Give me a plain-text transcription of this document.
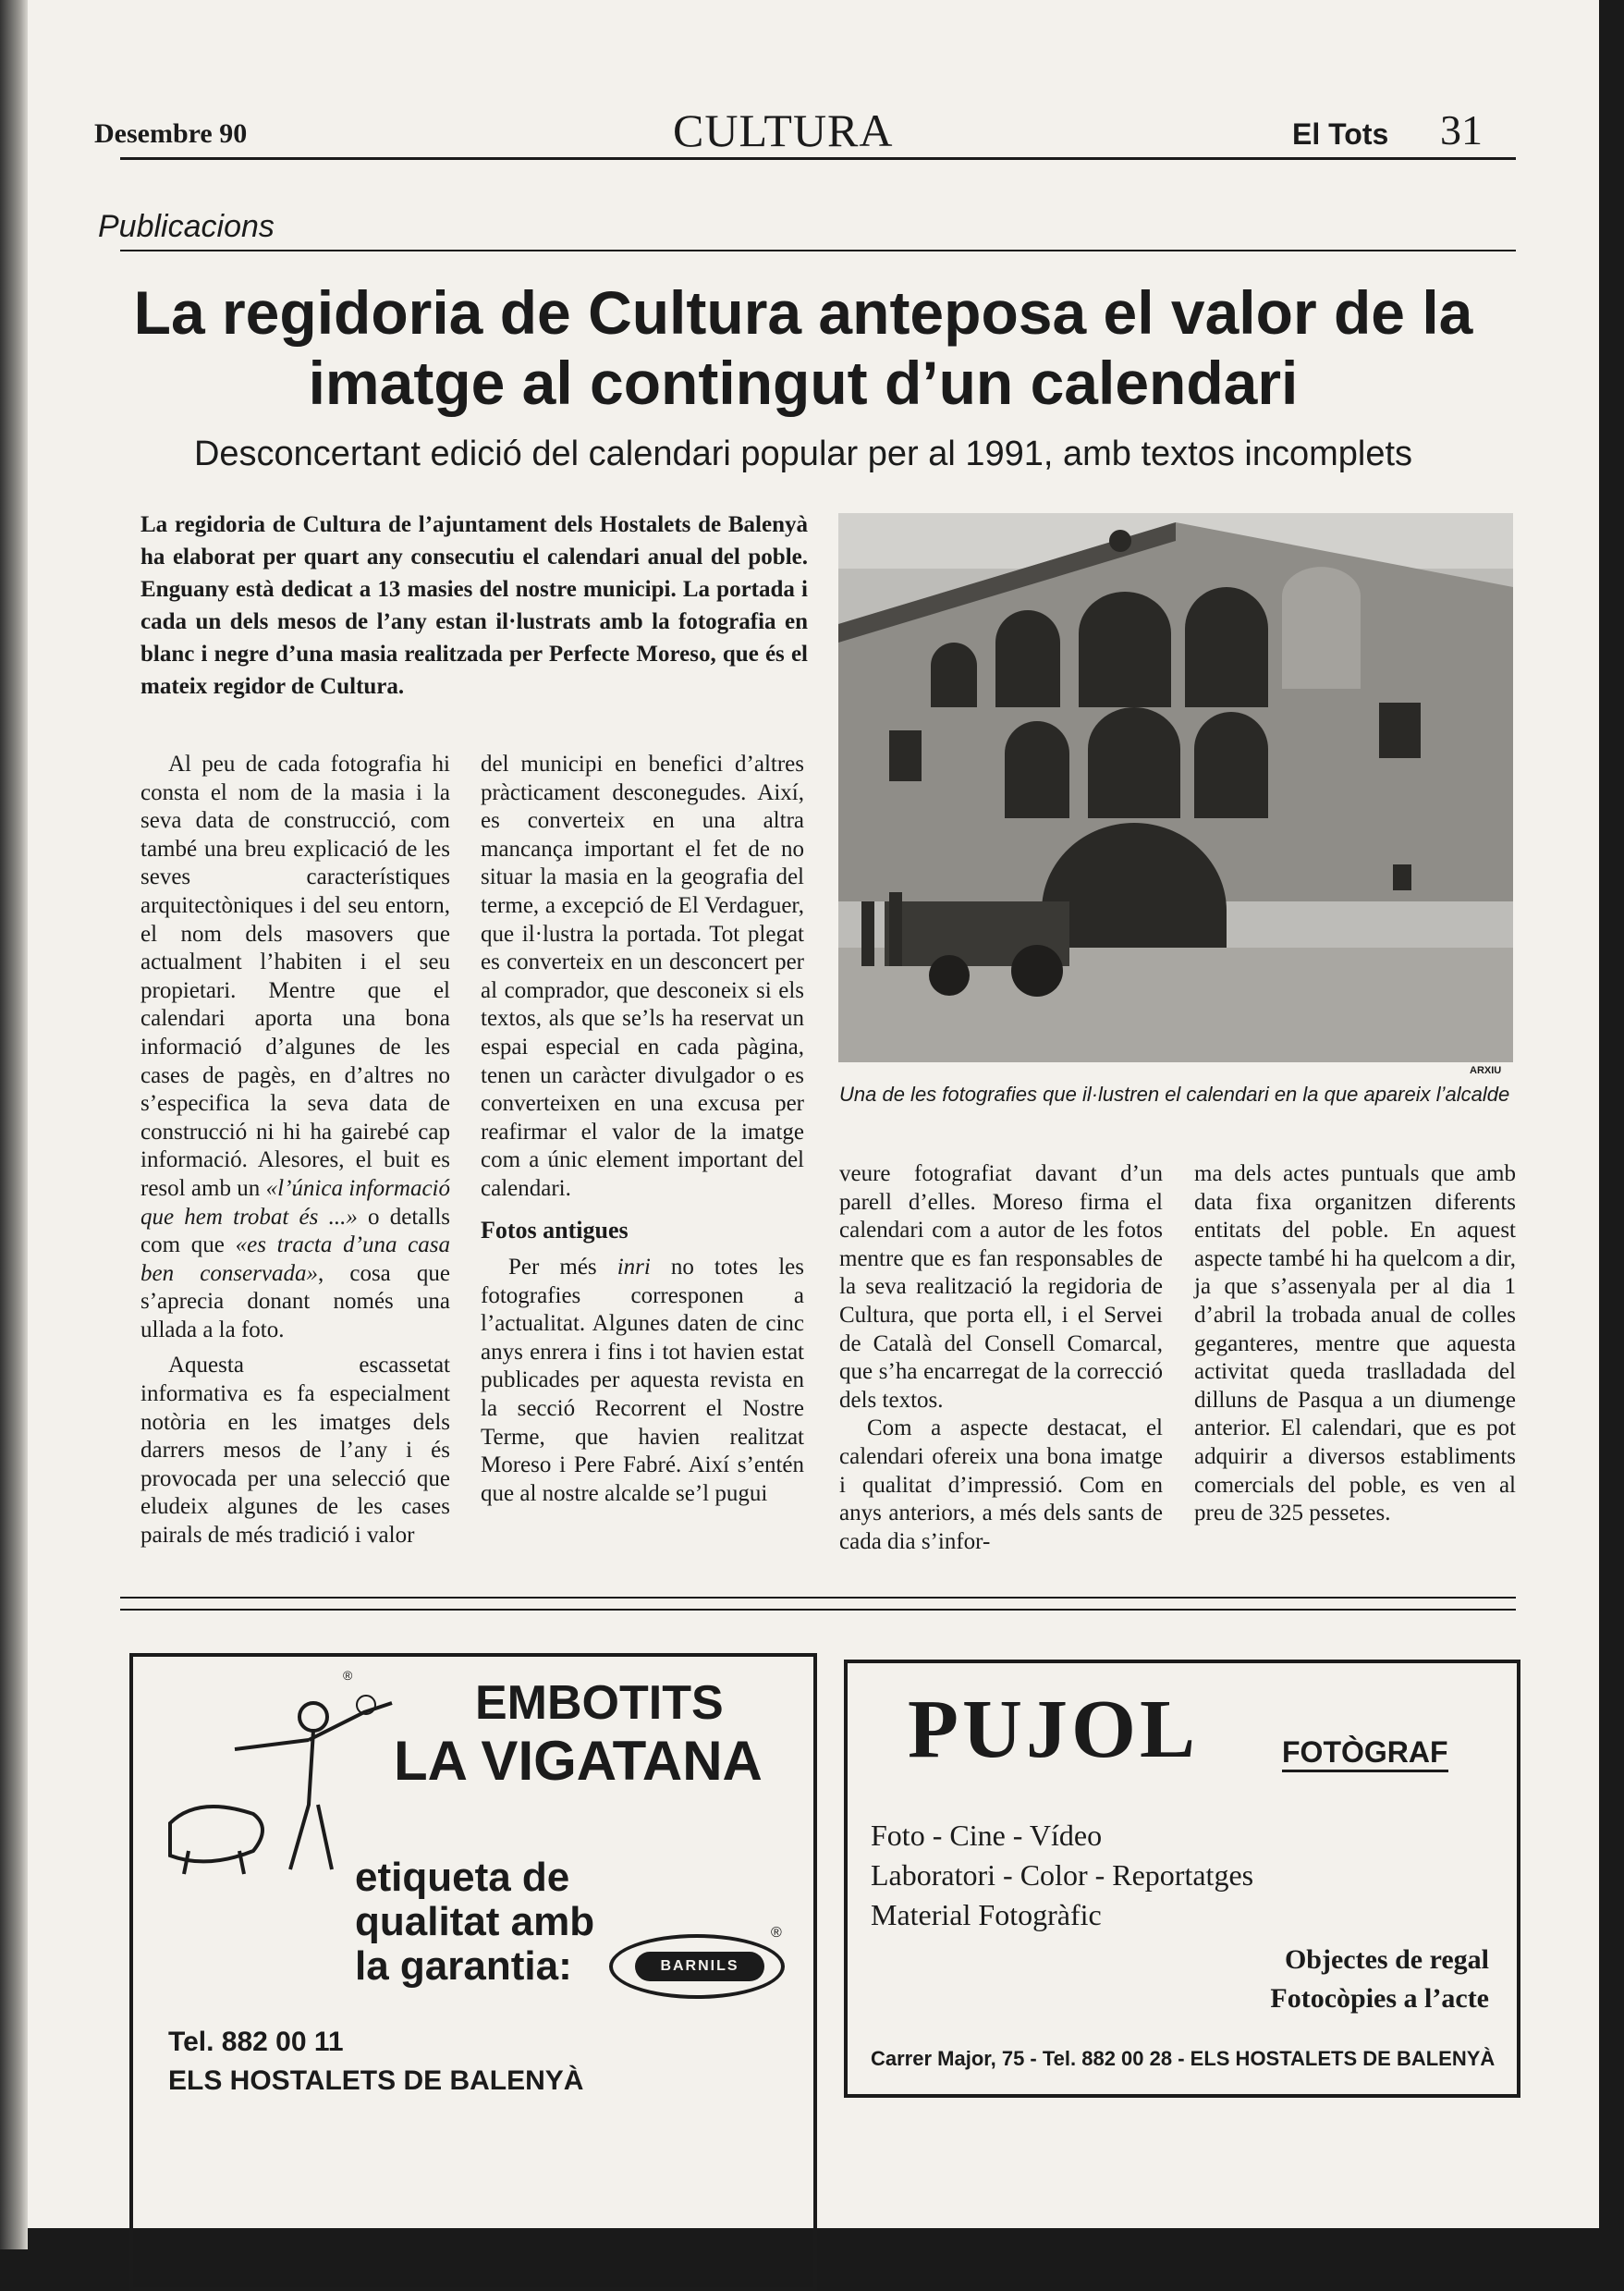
Desembre 90	CULTURA	El Tots 31
Publicacions
La regidoria de Cultura anteposa el valor de la imatge al contingut d’un calendari
Desconcertant edició del calendari popular per al 1991, amb textos incomplets
La regidoria de Cultura de l’ajuntament dels Hostalets de Balenyà ha elaborat per quart any consecutiu el calendari anual del poble. Enguany està dedicat a 13 masies del nostre municipi. La portada i cada un dels mesos de l’any estan il·lustrats amb la fotografia en blanc i negre d’una masia realitzada per Perfecte Moreso, que és el mateix regidor de Cultura.

Al peu de cada fotografia hi consta el nom de la masia i la seva data de construcció, com també una breu explicació de les seves característiques arquitectòniques i del seu entorn, el nom dels masovers que actualment l’habiten i el seu propietari. Mentre que el calendari aporta una bona informació d’algunes de les cases de pagès, en d’altres no s’especifica la seva data de construcció ni hi ha gairebé cap informació. Alesores, el buit es resol amb un «l’única informació que hem trobat és ...» o detalls com que «es tracta d’una casa ben conservada», cosa que s’aprecia donant només una ullada a la foto.

Aquesta escassetat informativa es fa especialment notòria en les imatges dels darrers mesos de l’any i és provocada per una selecció que eludeix algunes de les cases pairals de més tradició i valor

del municipi en benefici d’altres pràcticament desconegudes. Així, es converteix en una altra mancança important el fet de no situar la masia en la geografia del terme, a excepció de El Verdaguer, que il·lustra la portada. Tot plegat es converteix en un desconcert per al comprador, que desconeix si els textos, als que se’ls ha reservat un espai especial en cada pàgina, tenen un caràcter divulgador o es converteixen en una excusa per reafirmar el valor de la imatge com a únic element important del calendari.

Fotos antigues

Per més inri no totes les fotografies corresponen a l’actualitat. Algunes daten de cinc anys enrera i fins i tot havien estat publicades per aquesta revista en la secció Recorrent el Nostre Terme, que havien realitzat Moreso i Pere Fabré. Així s’entén que al nostre alcalde se’l pugui

ARXIU
Una de les fotografies que il·lustren el calendari en la que apareix l’alcalde

veure fotografiat davant d’un parell d’elles. Moreso firma el calendari com a autor de les fotos mentre que es fan responsables de la seva realització la regidoria de Cultura, que porta ell, i el Servei de Català del Consell Comarcal, que s’ha encarregat de la correcció dels textos.

Com a aspecte destacat, el calendari ofereix una bona imatge i qualitat d’impressió. Com en anys anteriors, a més dels sants de cada dia s’infor-

ma dels actes puntuals que amb data fixa organitzen diferents entitats del poble. En aquest aspecte també hi ha quelcom a dir, ja que s’assenyala per al dia 1 d’abril la trobada anual de colles geganteres, mentre que aquesta activitat queda traslladada del dilluns de Pasqua a un diumenge anterior. El calendari, que es pot adquirir a diversos establiments comercials del poble, es ven al preu de 325 pessetes.

®
EMBOTITS
LA VIGATANA
etiqueta de
qualitat amb
la garantia:	BARNILS
®
Tel. 882 00 11
ELS HOSTALETS DE BALENYÀ
PUJOL	FOTÒGRAF
Foto - Cine - Vídeo
Laboratori - Color - Reportatges
Material Fotogràfic
Objectes de regal
Fotocòpies a l’acte
Carrer Major, 75 - Tel. 882 00 28 - ELS HOSTALETS DE BALENYÀ
